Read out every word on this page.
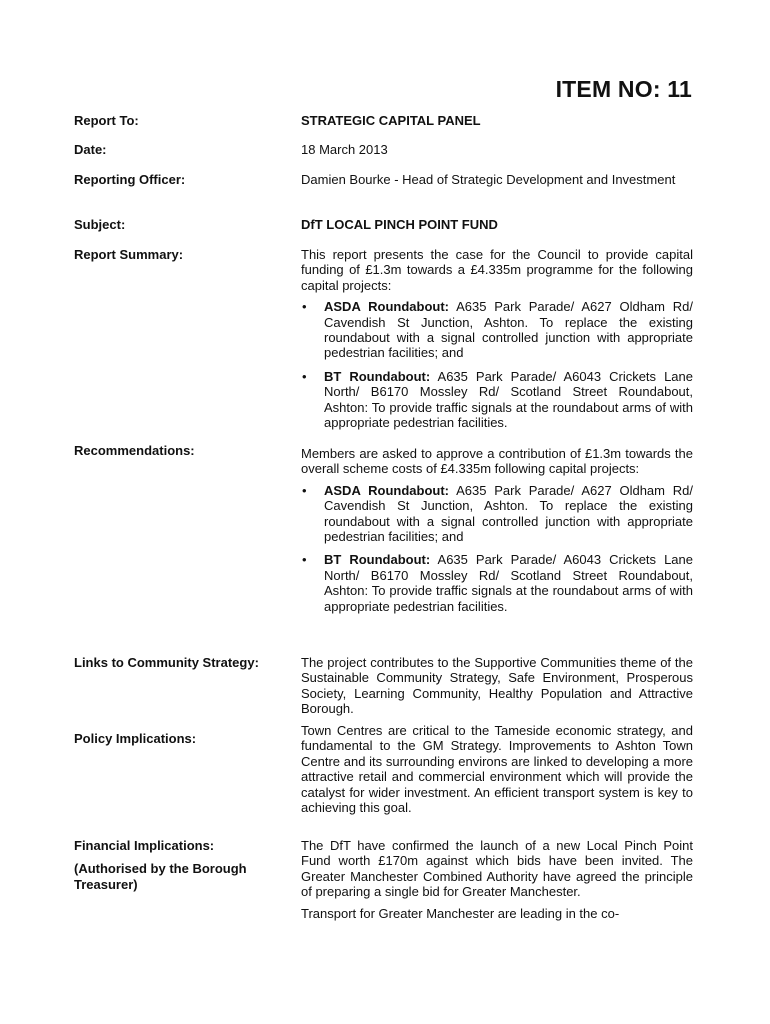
ITEM NO: 11
Report To:	STRATEGIC CAPITAL PANEL
Date:	18 March 2013
Reporting Officer:	Damien Bourke - Head of Strategic Development and Investment
Subject:	DfT LOCAL PINCH POINT FUND
Report Summary:	This report presents the case for the Council to provide capital funding of £1.3m towards a £4.335m programme for the following capital projects:

• ASDA Roundabout: A635 Park Parade/ A627 Oldham Rd/ Cavendish St Junction, Ashton. To replace the existing roundabout with a signal controlled junction with appropriate pedestrian facilities; and
• BT Roundabout: A635 Park Parade/ A6043 Crickets Lane North/ B6170 Mossley Rd/ Scotland Street Roundabout, Ashton: To provide traffic signals at the roundabout arms of with appropriate pedestrian facilities.
Recommendations:	Members are asked to approve a contribution of £1.3m towards the overall scheme costs of £4.335m following capital projects:

• ASDA Roundabout: A635 Park Parade/ A627 Oldham Rd/ Cavendish St Junction, Ashton. To replace the existing roundabout with a signal controlled junction with appropriate pedestrian facilities; and
• BT Roundabout: A635 Park Parade/ A6043 Crickets Lane North/ B6170 Mossley Rd/ Scotland Street Roundabout, Ashton: To provide traffic signals at the roundabout arms of with appropriate pedestrian facilities.
Links to Community Strategy:	The project contributes to the Supportive Communities theme of the Sustainable Community Strategy, Safe Environment, Prosperous Society, Learning Community, Healthy Population and Attractive Borough.
Policy Implications:
Town Centres are critical to the Tameside economic strategy, and fundamental to the GM Strategy. Improvements to Ashton Town Centre and its surrounding environs are linked to developing a more attractive retail and commercial environment which will provide the catalyst for wider investment. An efficient transport system is key to achieving this goal.
Financial Implications:
(Authorised by the Borough Treasurer)

The DfT have confirmed the launch of a new Local Pinch Point Fund worth £170m against which bids have been invited. The Greater Manchester Combined Authority have agreed the principle of preparing a single bid for Greater Manchester.

Transport for Greater Manchester are leading in the co-
